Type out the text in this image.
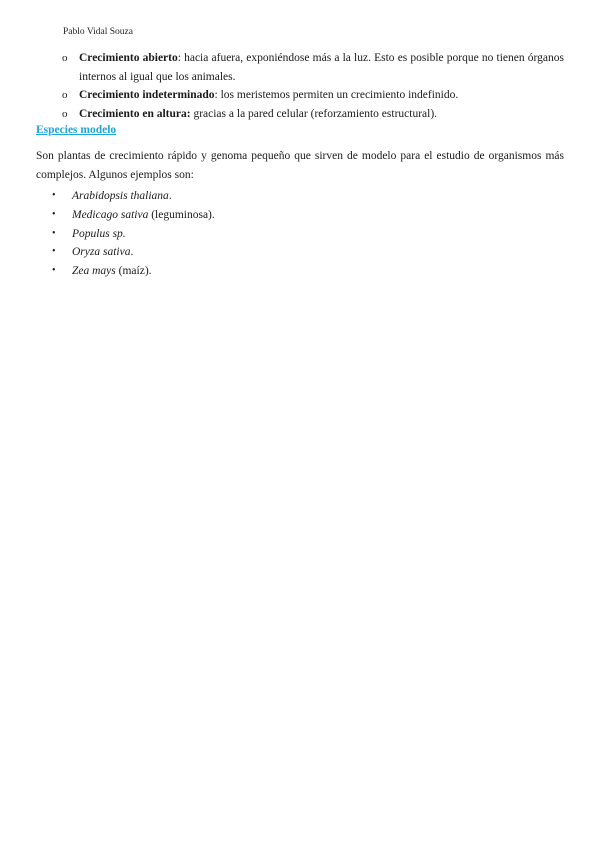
Pablo Vidal Souza
o Crecimiento abierto: hacia afuera, exponiéndose más a la luz. Esto es posible porque no tienen órganos internos al igual que los animales.
o Crecimiento indeterminado: los meristemos permiten un crecimiento indefinido.
o Crecimiento en altura: gracias a la pared celular (reforzamiento estructural).
Especies modelo

Son plantas de crecimiento rápido y genoma pequeño que sirven de modelo para el estudio de organismos más complejos. Algunos ejemplos son:

• Arabidopsis thaliana.
• Medicago sativa (leguminosa).
• Populus sp.
• Oryza sativa.
• Zea mays (maíz).
